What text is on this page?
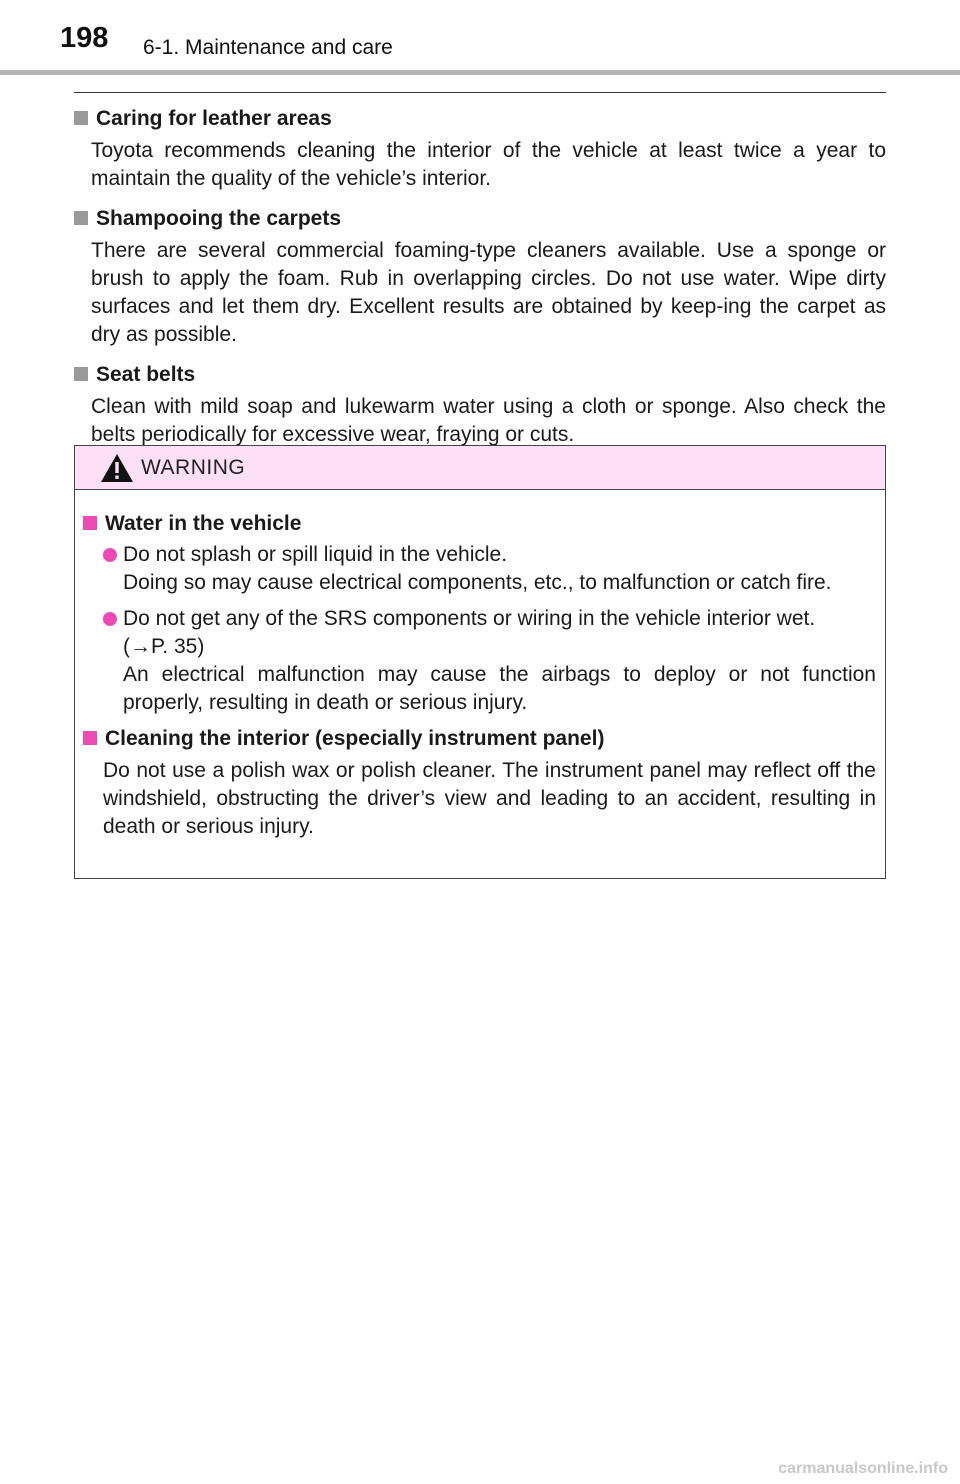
198 6-1. Maintenance and care

Caring for leather areas

Toyota recommends cleaning the interior of the vehicle at least twice a year to maintain the quality of the vehicle’s interior.

Shampooing the carpets

There are several commercial foaming-type cleaners available. Use a sponge or brush to apply the foam. Rub in overlapping circles. Do not use water. Wipe dirty surfaces and let them dry. Excellent results are obtained by keep-ing the carpet as dry as possible.

Seat belts

Clean with mild soap and lukewarm water using a cloth or sponge. Also check the belts periodically for excessive wear, fraying or cuts.

WARNING

Water in the vehicle

Do not splash or spill liquid in the vehicle.
Doing so may cause electrical components, etc., to malfunction or catch fire.
Do not get any of the SRS components or wiring in the vehicle interior wet.
(→P. 35)
An electrical malfunction may cause the airbags to deploy or not function properly, resulting in death or serious injury.

Cleaning the interior (especially instrument panel)

Do not use a polish wax or polish cleaner. The instrument panel may reflect off the windshield, obstructing the driver’s view and leading to an accident, resulting in death or serious injury.

carmanualsonline.info
